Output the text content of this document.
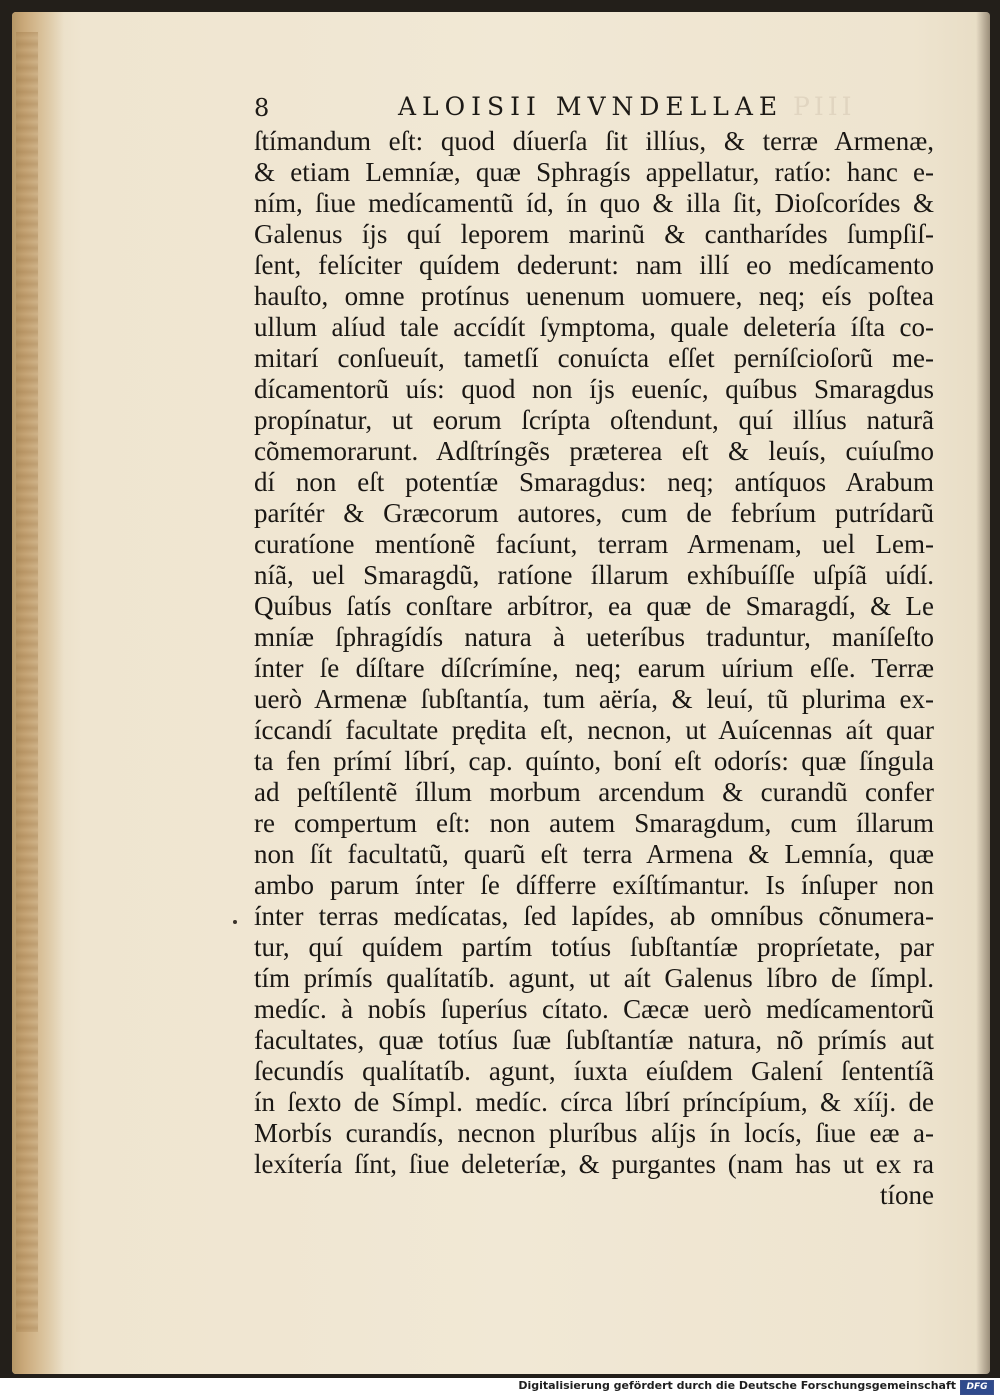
8	ALOISII MVNDELLAE PIII
ſtímandum eſt: quod díuerſa ſit illíus, & terræ Armenæ,
& etiam Lemníæ, quæ Sphragís appellatur, ratío: hanc e-
ním, ſiue medícamentũ íd, ín quo & illa ſit, Dioſcorídes &
Galenus íjs quí leporem marinũ & cantharídes ſumpſiſ-
ſent, felíciter quídem dederunt: nam illí eo medícamento
hauſto, omne protínus uenenum uomuere, neq; eís poſtea
ullum alíud tale accídít ſymptoma, quale deletería íſta co-
mitarí conſueuít, tametſí conuícta eſſet perníſcioſorũ me-
dícamentorũ uís: quod non íjs eueníc, quíbus Smaragdus
propínatur, ut eorum ſcrípta oſtendunt, quí illíus naturã
cõmemorarunt. Adſtríngẽs præterea eſt & leuís, cuíuſmo
dí non eſt potentíæ Smaragdus: neq; antíquos Arabum
parítér & Græcorum autores, cum de febríum putrídarũ
curatíone mentíonẽ facíunt, terram Armenam, uel Lem-
níã, uel Smaragdũ, ratíone íllarum exhíbuíſſe uſpíã uídí.
Quíbus ſatís conſtare arbítror, ea quæ de Smaragdí, & Le
mníæ ſphragídís natura à ueteríbus traduntur, maníſeſto
ínter ſe díſtare díſcrímíne, neq; earum uírium eſſe. Terræ
uerò Armenæ ſubſtantía, tum aëría, & leuí, tũ plurima ex-
íccandí facultate prędita eſt, necnon, ut Auícennas aít quar
ta fen prímí líbrí, cap. quínto, boní eſt odorís: quæ ſíngula
ad peſtílentẽ íllum morbum arcendum & curandũ confer
re compertum eſt: non autem Smaragdum, cum íllarum
non ſít facultatũ, quarũ eſt terra Armena & Lemnía, quæ
ambo parum ínter ſe dífferre exíſtímantur. Is ínſuper non
ínter terras medícatas, ſed lapídes, ab omníbus cõnumera-
tur, quí quídem partím totíus ſubſtantíæ propríetate, par
tím prímís qualítatíb. agunt, ut aít Galenus líbro de ſímpl.
medíc. à nobís ſuperíus cítato. Cæcæ uerò medícamentorũ
facultates, quæ totíus ſuæ ſubſtantíæ natura, nõ prímís aut
ſecundís qualítatíb. agunt, íuxta eíuſdem Galení ſententíã
ín ſexto de Símpl. medíc. círca líbrí príncípíum, & xííj. de
Morbís curandís, necnon pluríbus alíjs ín locís, ſiue eæ a-
lexítería ſínt, ſiue deleteríæ, & purgantes (nam has ut ex ra
tíone
Digitalisierung gefördert durch die Deutsche Forschungsgemeinschaft	DFG
